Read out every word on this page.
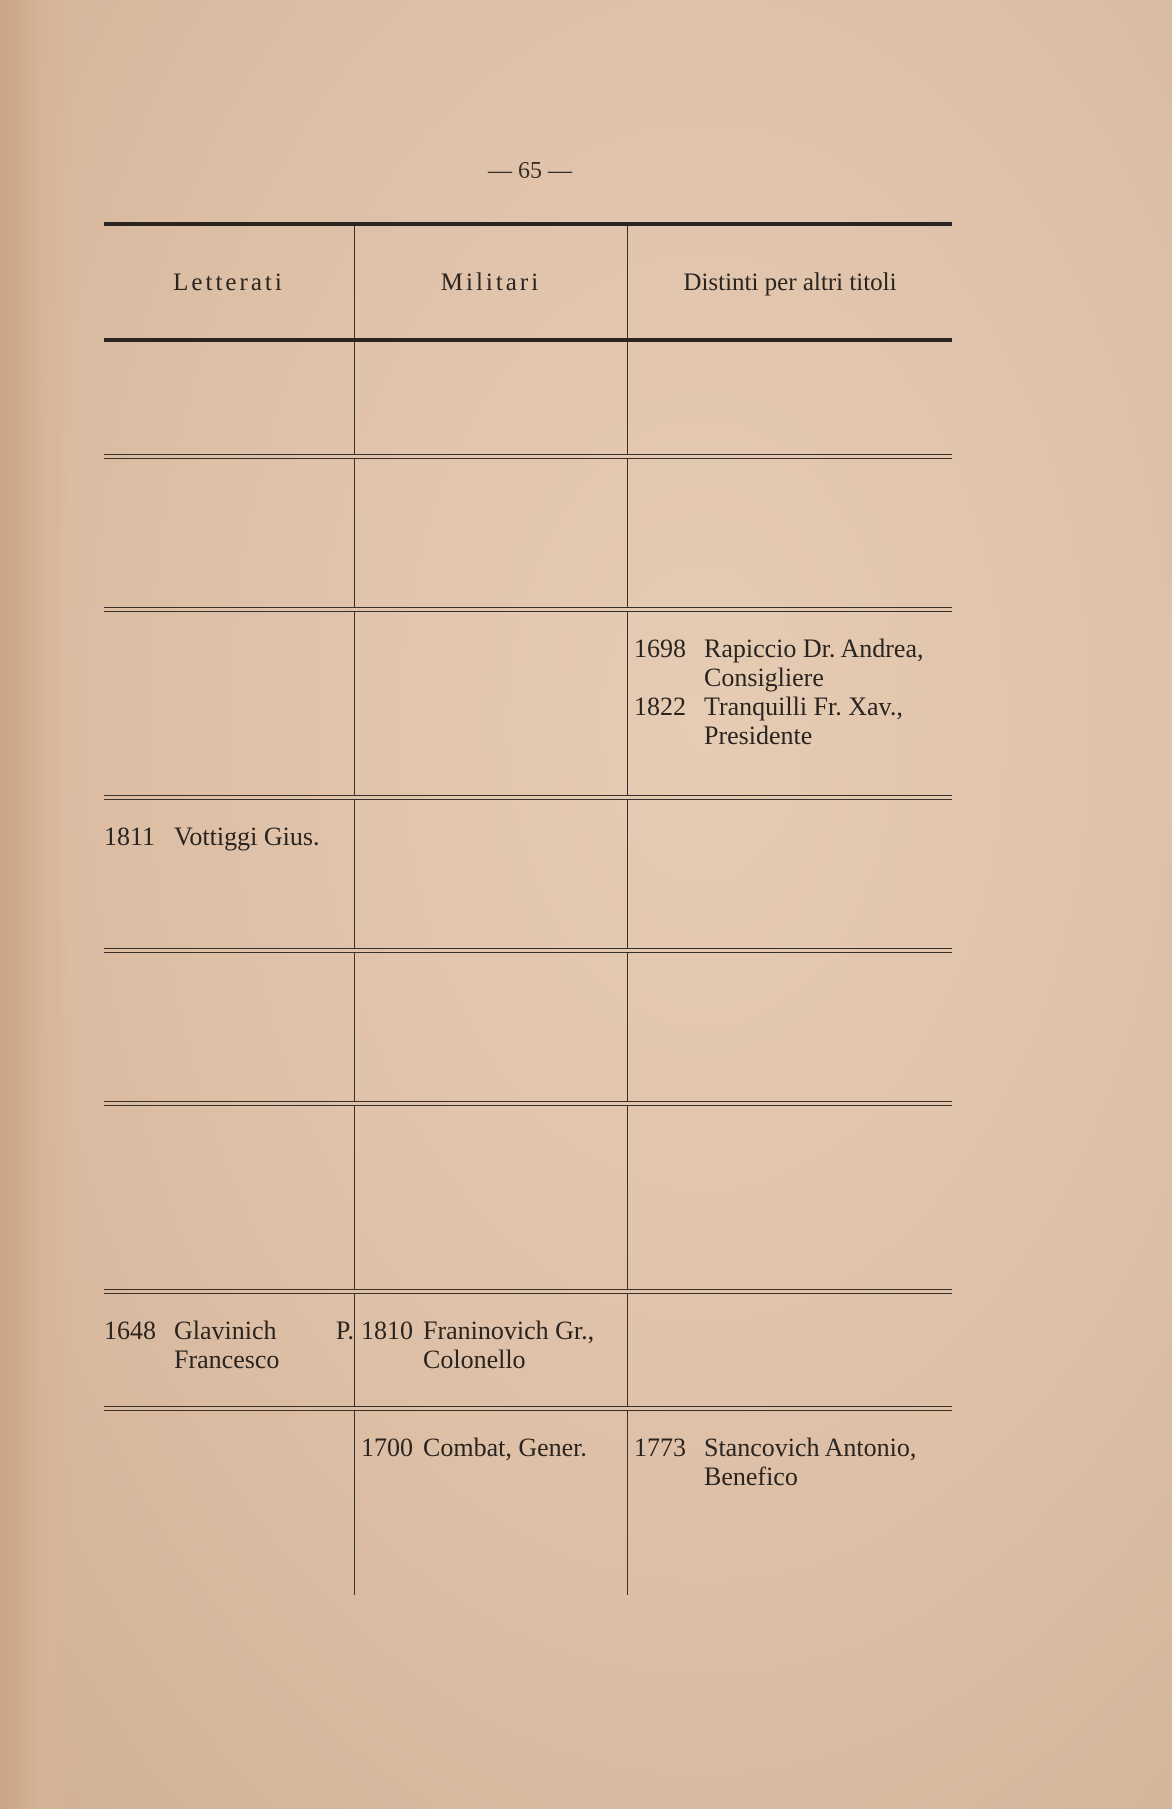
— 65 —
Letterati	Militari	Distinti per altri titoli
1698 Rapiccio Dr. Andrea,
Consigliere
1822 Tranquilli Fr. Xav.,
Presidente
1811 Vottiggi Gius.
1648 Glavinich P.
Francesco
1810 Franinovich Gr.,
Colonello
1700 Combat, Gener. 1773 Stancovich Antonio,
Benefico
